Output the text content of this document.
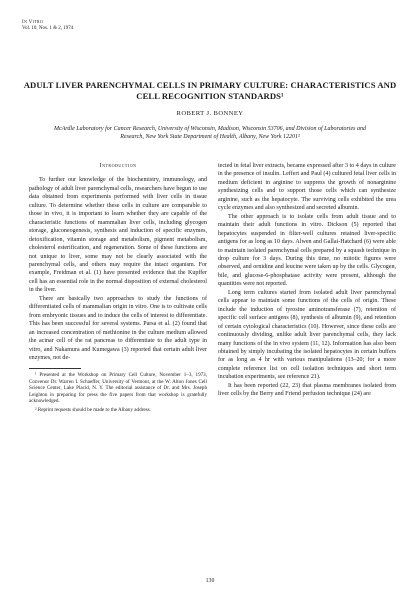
In Vitro
Vol. 10, Nos. 1 & 2, 1974
ADULT LIVER PARENCHYMAL CELLS IN PRIMARY CULTURE: CHARACTERISTICS AND CELL RECOGNITION STANDARDS¹
ROBERT J. BONNEY
McArdle Laboratory for Cancer Research, University of Wisconsin, Madison, Wisconsin 53706, and Division of Laboratories and Research, New York State Department of Health, Albany, New York 12201²
Introduction

To further our knowledge of the biochemistry, immunology, and pathology of adult liver parenchymal cells, researchers have begun to use data obtained from experiments performed with liver cells in tissue culture. To determine whether these cells in culture are comparable to those in vivo, it is important to learn whether they are capable of the characteristic functions of mammalian liver cells, including glycogen storage, gluconeogenesis, synthesis and induction of specific enzymes, detoxification, vitamin storage and metabolism, pigment metabolism, cholesterol esterification, and regeneration. Some of these functions are not unique to liver, some may not be clearly associated with the parenchymal cells, and others may require the intact organism. For example, Freidman et al. (1) have presented evidence that the Kupffer cell has an essential role in the normal disposition of external cholesterol in the liver.

There are basically two approaches to study the functions of differentiated cells of mammalian origin in vitro. One is to cultivate cells from embryonic tissues and to induce the cells of interest to differentiate. This has been successful for several systems. Parsa et al. (2) found that an increased concentration of methionine in the culture medium allowed the acinar cell of the rat pancreas to differentiate to the adult type in vitro, and Nakamura and Kumegawa (3) reported that certain adult liver enzymes, not de-

¹ Presented at the Workshop on Primary Cell Culture, November 1–3, 1973, Convenor Dr. Warren I. Schaeffer, University of Vermont, at the W. Alton Jones Cell Science Center, Lake Placid, N. Y. The editorial assistance of Dr. and Mrs. Joseph Leighton in preparing for press the five papers from that workshop is gratefully acknowledged.

² Reprint requests should be made to the Albany address.

tected in fetal liver extracts, became expressed after 3 to 4 days in culture in the presence of insulin. Leffert and Paul (4) cultured fetal liver cells in medium deficient in arginine to suppress the growth of nonarginine synthesizing cells and to support those cells which can synthesize arginine, such as the hepatocyte. The surviving cells exhibited the urea cycle enzymes and also synthesized and secreted albumin.

The other approach is to isolate cells from adult tissue and to maintain their adult functions in vitro. Dickson (5) reported that hepatocytes suspended in filter-well cultures retained liver-specific antigens for as long as 10 days. Alwen and Gallai-Hatchard (6) were able to maintain isolated parenchymal cells prepared by a squash technique in drop culture for 3 days. During this time, no mitotic figures were observed, and ornidine and leucine were taken up by the cells. Glycogen, bile, and glucose-6-phosphatase activity were present, although the quantities were not reported.

Long term cultures started from isolated adult liver parenchymal cells appear to maintain some functions of the cells of origin. These include the induction of tyrosine aminotransferase (7), retention of specific cell surface antigens (8), synthesis of albumin (9), and retention of certain cytological characteristics (10). However, since these cells are continuously dividing, unlike adult liver parenchymal cells, they lack many functions of the in vivo system (11, 12). Information has also been obtained by simply incubating the isolated hepatocytes in certain buffers for as long as 4 hr with various manipulations (13–20; for a more complete reference list on cell isolation techniques and short term incubation experiments, see reference 21).

It has been reported (22, 23) that plasma membranes isolated from liver cells by the Berry and Friend perfusion technique (24) are

130
